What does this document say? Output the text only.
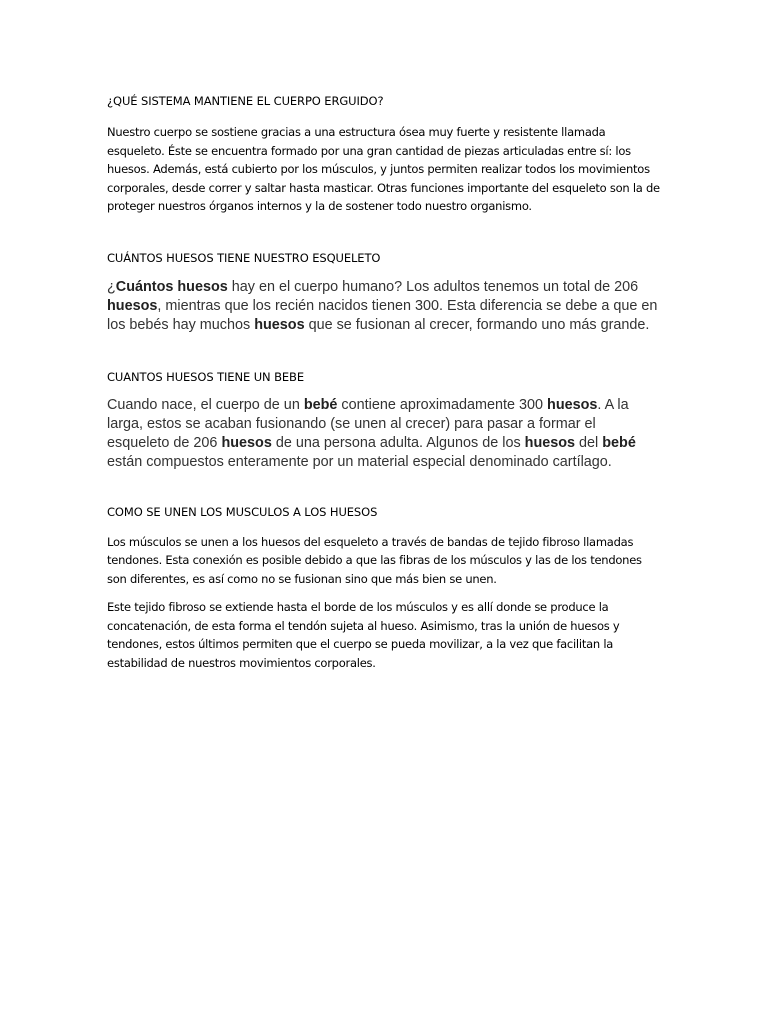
¿QUÉ SISTEMA MANTIENE EL CUERPO ERGUIDO?

Nuestro cuerpo se sostiene gracias a una estructura ósea muy fuerte y resistente llamada esqueleto. Éste se encuentra formado por una gran cantidad de piezas articuladas entre sí: los huesos. Además, está cubierto por los músculos, y juntos permiten realizar todos los movimientos corporales, desde correr y saltar hasta masticar. Otras funciones importante del esqueleto son la de proteger nuestros órganos internos y la de sostener todo nuestro organismo.

CUÁNTOS HUESOS TIENE NUESTRO ESQUELETO

¿Cuántos huesos hay en el cuerpo humano? Los adultos tenemos un total de 206 huesos, mientras que los recién nacidos tienen 300. Esta diferencia se debe a que en los bebés hay muchos huesos que se fusionan al crecer, formando uno más grande.

CUANTOS HUESOS TIENE UN BEBE

Cuando nace, el cuerpo de un bebé contiene aproximadamente 300 huesos. A la larga, estos se acaban fusionando (se unen al crecer) para pasar a formar el esqueleto de 206 huesos de una persona adulta. Algunos de los huesos del bebé están compuestos enteramente por un material especial denominado cartílago.

COMO SE UNEN LOS MUSCULOS A LOS HUESOS

Los músculos se unen a los huesos del esqueleto a través de bandas de tejido fibroso llamadas tendones. Esta conexión es posible debido a que las fibras de los músculos y las de los tendones son diferentes, es así como no se fusionan sino que más bien se unen.

Este tejido fibroso se extiende hasta el borde de los músculos y es allí donde se produce la concatenación, de esta forma el tendón sujeta al hueso. Asimismo, tras la unión de huesos y tendones, estos últimos permiten que el cuerpo se pueda movilizar, a la vez que facilitan la estabilidad de nuestros movimientos corporales.
